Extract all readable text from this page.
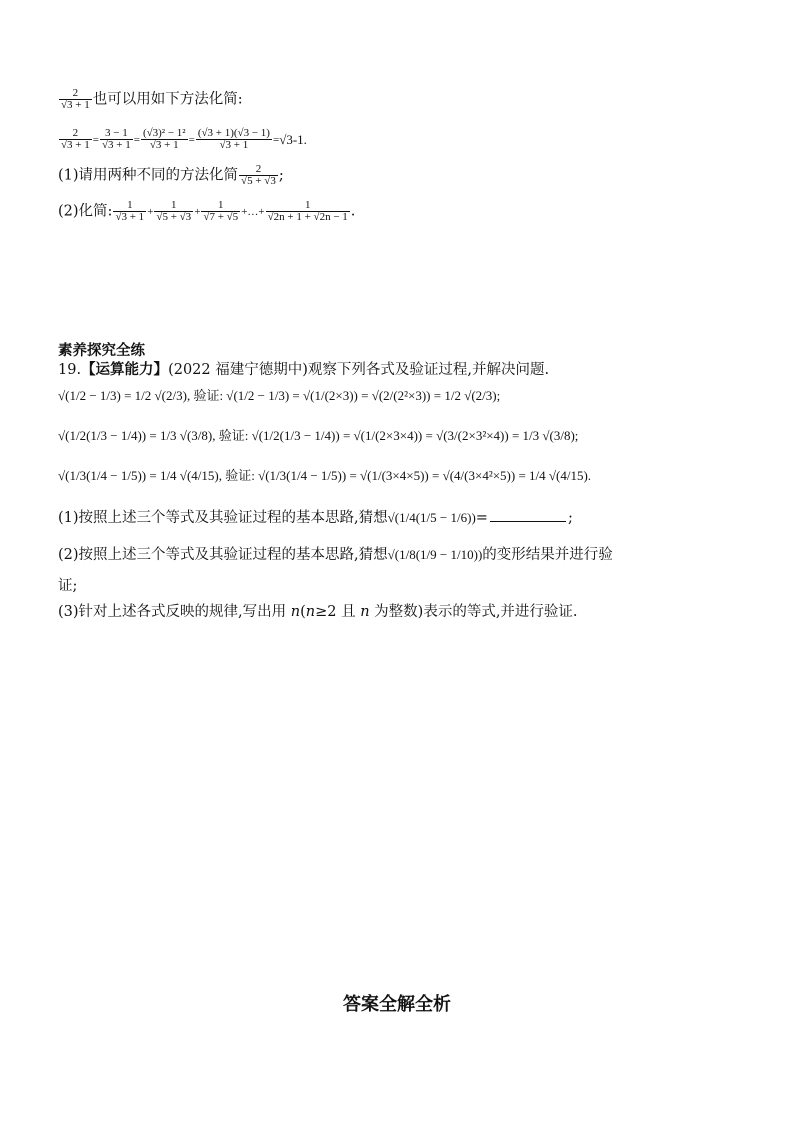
$\frac{2}{√3 + 1}$ 也可以用如下方法化简:
$\frac{2}{√3 + 1} = \frac{3 - 1}{√3 + 1} = \frac{\text{(√3)² − 1²}}{√3 + 1} = \frac{(√3 + 1)(√3 - 1)}{√3 + 1} =√3-1$.
(1)请用两种不同的方法化简 $\frac{2}{√5 + √3}$ ;
(2)化简: $\frac{1}{√3 + 1} + \frac{1}{√5 + √3} + \frac{1}{√7 + √5}$ +…+ $\frac{1}{√2n + 1 + √2n - 1}$ .
素养探究全练
19.【运算能力】(2022 福建宁德期中)观察下列各式及验证过程,并解决问题.
√(1/2 − 1/3) = 1/2 √(2/3), 验证: √(1/2 − 1/3) = √(1/(2×3)) = √(2/(2²×3)) = 1/2 √(2/3);
√(1/2(1/3 − 1/4)) = 1/3 √(3/8), 验证: √(1/2(1/3 − 1/4)) = √(1/(2×3×4)) = √(3/(2×3²×4)) = 1/3 √(3/8);
√(1/3(1/4 − 1/5)) = 1/4 √(4/15), 验证: √(1/3(1/4 − 1/5)) = √(1/(3×4×5)) = √(4/(3×4²×5)) = 1/4 √(4/15).
(1)按照上述三个等式及其验证过程的基本思路,猜想√(1/4(1/5 − 1/6))=	;
(2)按照上述三个等式及其验证过程的基本思路,猜想√(1/8(1/9 − 1/10))的变形结果并进行验
证;
(3)针对上述各式反映的规律,写出用 n(n≥2 且 n 为整数)表示的等式,并进行验证.
答案全解全析
